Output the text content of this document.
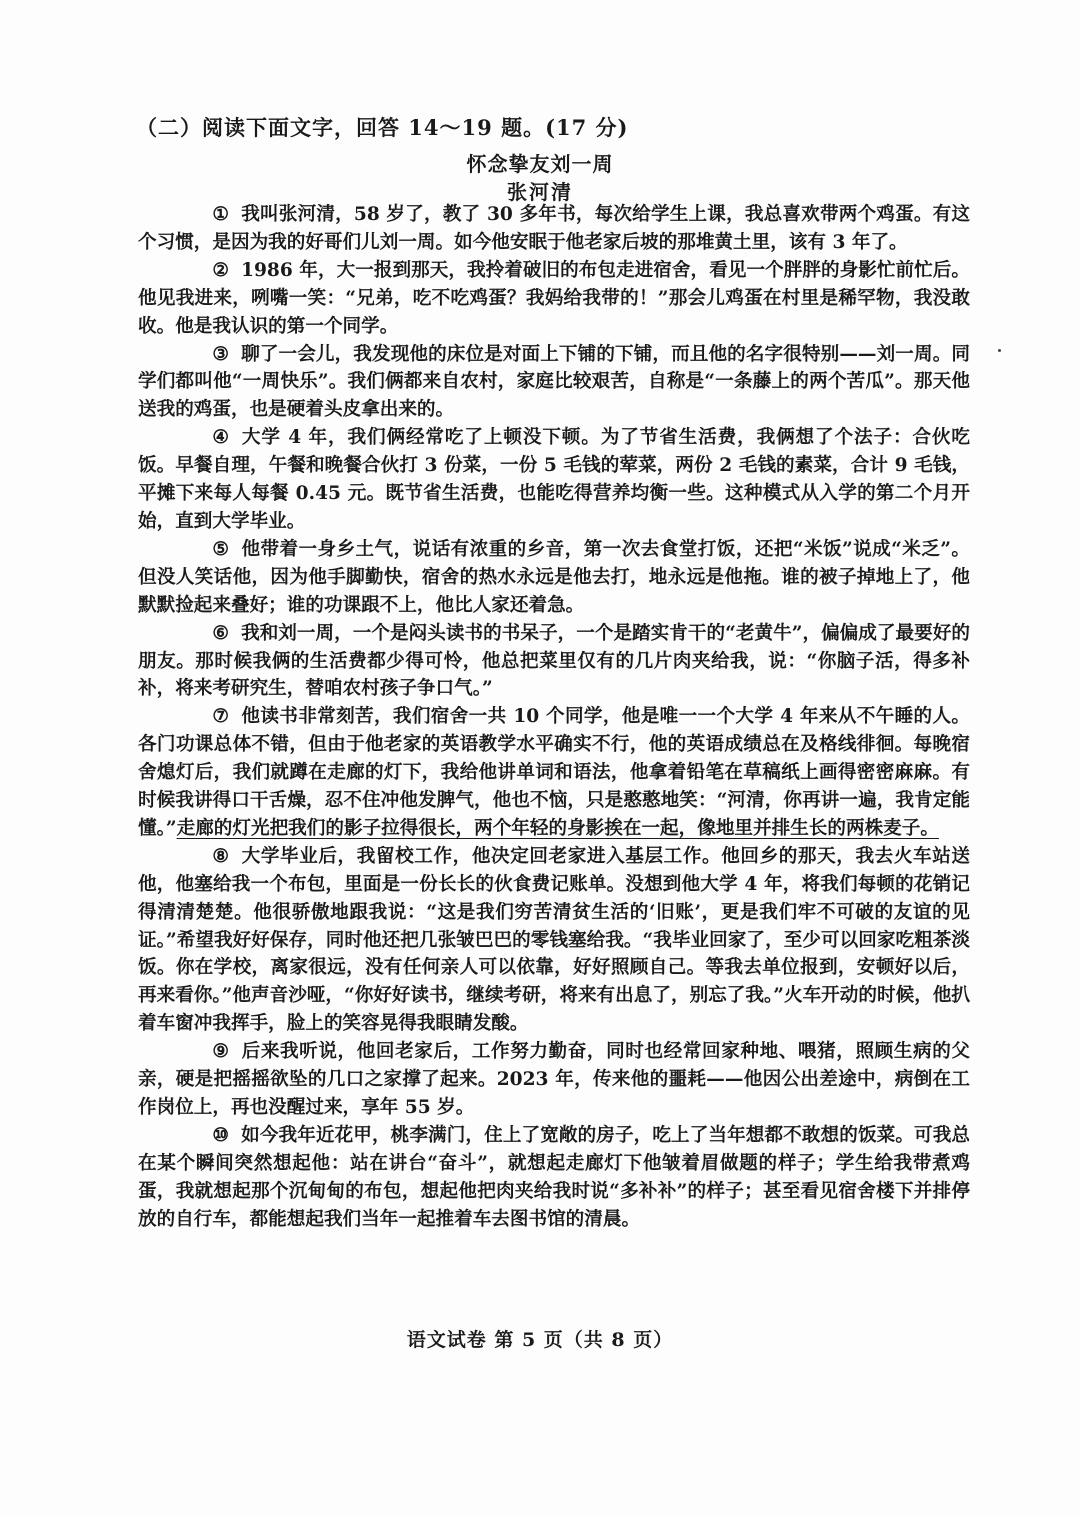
（二）阅读下面文字，回答 14～19 题。(17 分)
怀念挚友刘一周
张河清

① 我叫张河清，58 岁了，教了 30 多年书，每次给学生上课，我总喜欢带两个鸡蛋。有这个习惯，是因为我的好哥们儿刘一周。如今他安眠于他老家后坡的那堆黄土里，该有 3 年了。

② 1986 年，大一报到那天，我拎着破旧的布包走进宿舍，看见一个胖胖的身影忙前忙后。他见我进来，咧嘴一笑：“兄弟，吃不吃鸡蛋？我妈给我带的！”那会儿鸡蛋在村里是稀罕物，我没敢收。他是我认识的第一个同学。

③ 聊了一会儿，我发现他的床位是对面上下铺的下铺，而且他的名字很特别——刘一周。同学们都叫他“一周快乐”。我们俩都来自农村，家庭比较艰苦，自称是“一条藤上的两个苦瓜”。那天他送我的鸡蛋，也是硬着头皮拿出来的。

④ 大学 4 年，我们俩经常吃了上顿没下顿。为了节省生活费，我俩想了个法子：合伙吃饭。早餐自理，午餐和晚餐合伙打 3 份菜，一份 5 毛钱的荤菜，两份 2 毛钱的素菜，合计 9 毛钱，平摊下来每人每餐 0.45 元。既节省生活费，也能吃得营养均衡一些。这种模式从入学的第二个月开始，直到大学毕业。

⑤ 他带着一身乡土气，说话有浓重的乡音，第一次去食堂打饭，还把“米饭”说成“米乏”。但没人笑话他，因为他手脚勤快，宿舍的热水永远是他去打，地永远是他拖。谁的被子掉地上了，他默默捡起来叠好；谁的功课跟不上，他比人家还着急。

⑥ 我和刘一周，一个是闷头读书的书呆子，一个是踏实肯干的“老黄牛”，偏偏成了最要好的朋友。那时候我俩的生活费都少得可怜，他总把菜里仅有的几片肉夹给我，说：“你脑子活，得多补补，将来考研究生，替咱农村孩子争口气。”

⑦ 他读书非常刻苦，我们宿舍一共 10 个同学，他是唯一一个大学 4 年来从不午睡的人。各门功课总体不错，但由于他老家的英语教学水平确实不行，他的英语成绩总在及格线徘徊。每晚宿舍熄灯后，我们就蹲在走廊的灯下，我给他讲单词和语法，他拿着铅笔在草稿纸上画得密密麻麻。有时候我讲得口干舌燥，忍不住冲他发脾气，他也不恼，只是憨憨地笑：“河清，你再讲一遍，我肯定能懂。”走廊的灯光把我们的影子拉得很长，两个年轻的身影挨在一起，像地里并排生长的两株麦子。

⑧ 大学毕业后，我留校工作，他决定回老家进入基层工作。他回乡的那天，我去火车站送他，他塞给我一个布包，里面是一份长长的伙食费记账单。没想到他大学 4 年，将我们每顿的花销记得清清楚楚。他很骄傲地跟我说：“这是我们穷苦清贫生活的‘旧账’，更是我们牢不可破的友谊的见证。”希望我好好保存，同时他还把几张皱巴巴的零钱塞给我。“我毕业回家了，至少可以回家吃粗茶淡饭。你在学校，离家很远，没有任何亲人可以依靠，好好照顾自己。等我去单位报到，安顿好以后，再来看你。”他声音沙哑，“你好好读书，继续考研，将来有出息了，别忘了我。”火车开动的时候，他扒着车窗冲我挥手，脸上的笑容晃得我眼睛发酸。

⑨ 后来我听说，他回老家后，工作努力勤奋，同时也经常回家种地、喂猪，照顾生病的父亲，硬是把摇摇欲坠的几口之家撑了起来。2023 年，传来他的噩耗——他因公出差途中，病倒在工作岗位上，再也没醒过来，享年 55 岁。

⑩ 如今我年近花甲，桃李满门，住上了宽敞的房子，吃上了当年想都不敢想的饭菜。可我总在某个瞬间突然想起他：站在讲台“奋斗”，就想起走廊灯下他皱着眉做题的样子；学生给我带煮鸡蛋，我就想起那个沉甸甸的布包，想起他把肉夹给我时说“多补补”的样子；甚至看见宿舍楼下并排停放的自行车，都能想起我们当年一起推着车去图书馆的清晨。

语文试卷 第 5 页（共 8 页）
